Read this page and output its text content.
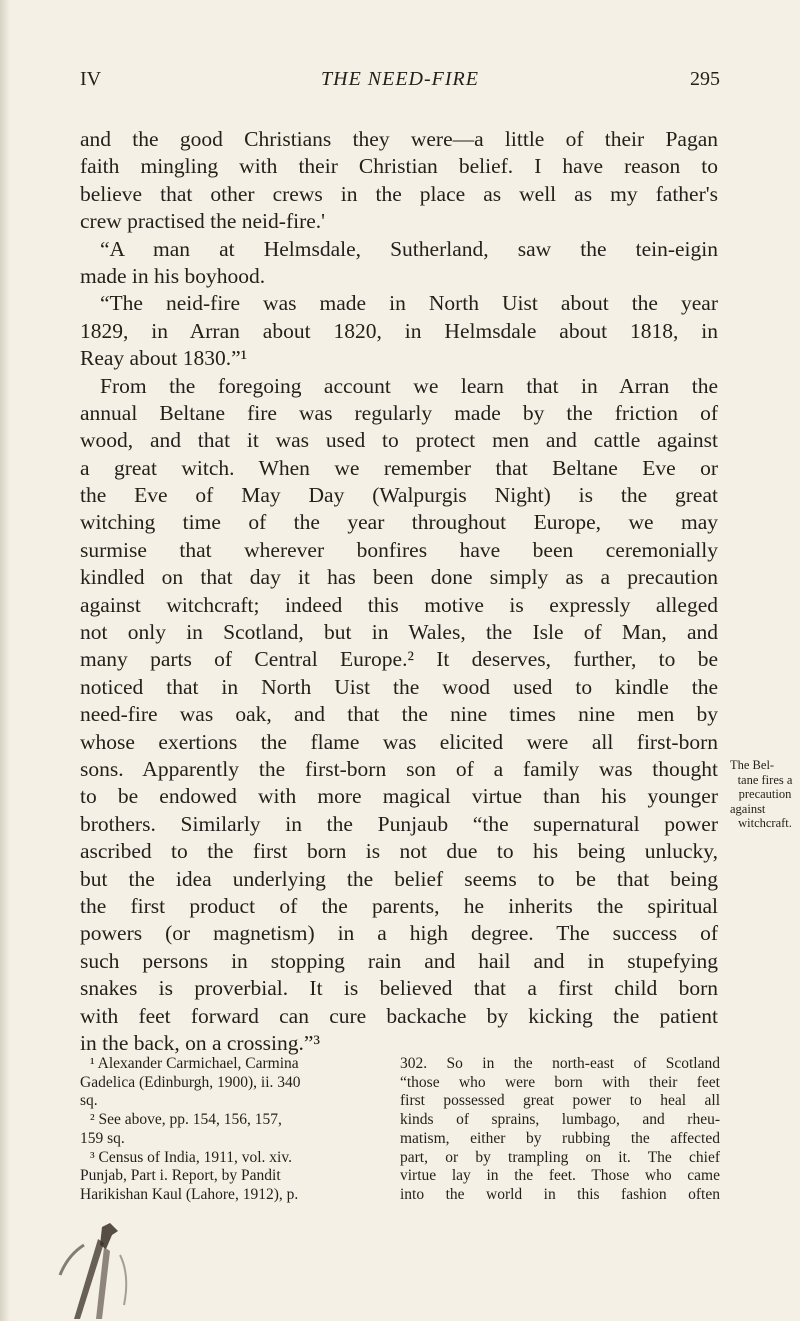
IV	THE NEED-FIRE	295
and the good Christians they were—a little of their Pagan
faith mingling with their Christian belief. I have reason to
believe that other crews in the place as well as my father's
crew practised the neid-fire.'
“A man at Helmsdale, Sutherland, saw the tein-eigin
made in his boyhood.
“The neid-fire was made in North Uist about the year
1829, in Arran about 1820, in Helmsdale about 1818, in
Reay about 1830.”¹
From the foregoing account we learn that in Arran the
annual Beltane fire was regularly made by the friction of
wood, and that it was used to protect men and cattle against
a great witch. When we remember that Beltane Eve or
the Eve of May Day (Walpurgis Night) is the great
witching time of the year throughout Europe, we may
surmise that wherever bonfires have been ceremonially
kindled on that day it has been done simply as a precaution
against witchcraft; indeed this motive is expressly alleged
not only in Scotland, but in Wales, the Isle of Man, and
many parts of Central Europe.² It deserves, further, to be
noticed that in North Uist the wood used to kindle the
need-fire was oak, and that the nine times nine men by
whose exertions the flame was elicited were all first-born
sons. Apparently the first-born son of a family was thought
to be endowed with more magical virtue than his younger
brothers. Similarly in the Punjaub “the supernatural power
ascribed to the first born is not due to his being unlucky,
but the idea underlying the belief seems to be that being
the first product of the parents, he inherits the spiritual
powers (or magnetism) in a high degree. The success of
such persons in stopping rain and hail and in stupefying
snakes is proverbial. It is believed that a first child born
with feet forward can cure backache by kicking the patient
in the back, on a crossing.”³
The Bel-
tane fires a
precaution
against
witchcraft.
¹ Alexander Carmichael, Carmina
Gadelica (Edinburgh, 1900), ii. 340
sq.
² See above, pp. 154, 156, 157,
159 sq.
³ Census of India, 1911, vol. xiv.
Punjab, Part i. Report, by Pandit
Harikishan Kaul (Lahore, 1912), p.
302. So in the north-east of Scotland
“those who were born with their feet
first possessed great power to heal all
kinds of sprains, lumbago, and rheu-
matism, either by rubbing the affected
part, or by trampling on it. The chief
virtue lay in the feet. Those who came
into the world in this fashion often
